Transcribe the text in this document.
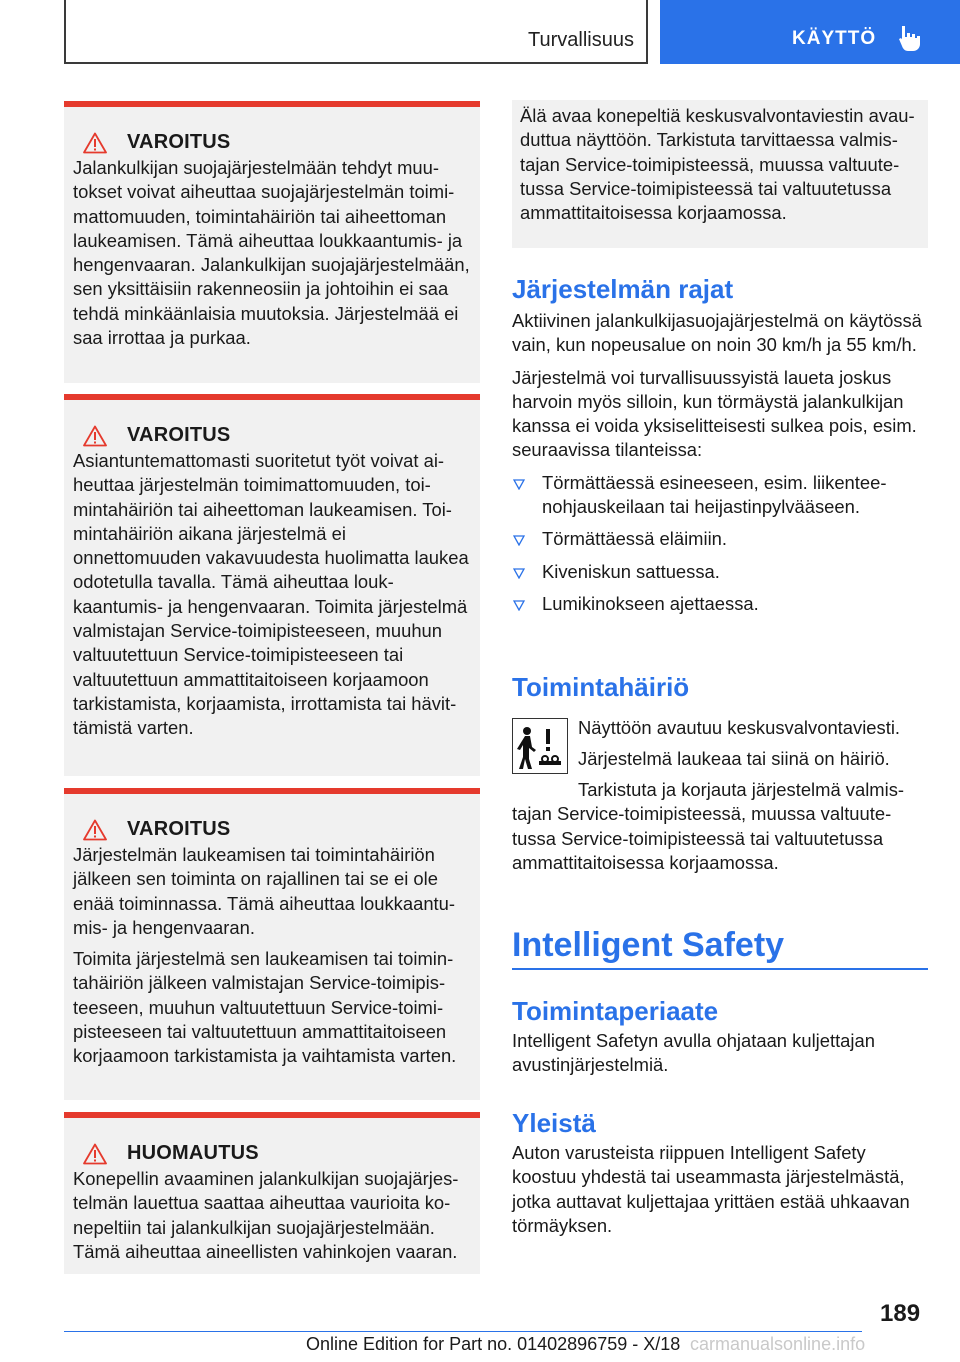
Turvallisuus	KÄYTTÖ
VAROITUS

Jalankulkijan suojajärjestelmään tehdyt muutokset voivat aiheuttaa suojajärjestelmän toimimattomuuden, toimintahäiriön tai aiheettoman laukeamisen. Tämä aiheuttaa loukkaantumis- ja hengenvaaran. Jalankulkijan suojajärjestelmään, sen yksittäisiin rakenneosiin ja johtoihin ei saa tehdä minkäänlaisia muutoksia. Järjestelmää ei saa irrottaa ja purkaa.

VAROITUS

Asiantuntemattomasti suoritetut työt voivat aiheuttaa järjestelmän toimimattomuuden, toimintahäiriön tai aiheettoman laukeamisen. Toimintahäiriön aikana järjestelmä ei onnettomuuden vakavuudesta huolimatta laukea odotetulla tavalla. Tämä aiheuttaa loukkaantumis- ja hengenvaaran. Toimita järjestelmä valmistajan Service-toimipisteeseen, muuhun valtuutettuun Service-toimipisteeseen tai valtuutettuun ammattitaitoiseen korjaamoon tarkistamista, korjaamista, irrottamista tai hävittämistä varten.

VAROITUS

Järjestelmän laukeamisen tai toimintahäiriön jälkeen sen toiminta on rajallinen tai se ei ole enää toiminnassa. Tämä aiheuttaa loukkaantumis- ja hengenvaaran.

Toimita järjestelmä sen laukeamisen tai toimintahäiriön jälkeen valmistajan Service-toimipisteeseen, muuhun valtuutettuun Service-toimipisteeseen tai valtuutettuun ammattitaitoiseen korjaamoon tarkistamista ja vaihtamista varten.

HUOMAUTUS

Konepellin avaaminen jalankulkijan suojajärjestelmän lauettua saattaa aiheuttaa vaurioita konepeltiin tai jalankulkijan suojajärjestelmään. Tämä aiheuttaa aineellisten vahinkojen vaaran.

Älä avaa konepeltiä keskusvalvontaviestin avauduttua näyttöön. Tarkistuta tarvittaessa valmistajan Service-toimipisteessä, muussa valtuutetussa Service-toimipisteessä tai valtuutetussa ammattitaitoisessa korjaamossa.

Järjestelmän rajat

Aktiivinen jalankulkijasuojajärjestelmä on käytössä vain, kun nopeusalue on noin 30 km/h ja 55 km/h.

Järjestelmä voi turvallisuussyistä laueta joskus harvoin myös silloin, kun törmäystä jalankulkijan kanssa ei voida yksiselitteisesti sulkea pois, esim. seuraavissa tilanteissa:

Törmättäessä esineeseen, esim. liikenteenohjauskeilaan tai heijastinpylvääseen.
Törmättäessä eläimiin.
Kiveniskun sattuessa.
Lumikinokseen ajettaessa.
Toimintahäiriö

Näyttöön avautuu keskusvalvontaviesti.

Järjestelmä laukeaa tai siinä on häiriö.

Tarkistuta ja korjauta järjestelmä valmistajan Service-toimipisteessä, muussa valtuutetussa Service-toimipisteessä tai valtuutetussa ammattitaitoisessa korjaamossa.

Intelligent Safety
Toimintaperiaate

Intelligent Safetyn avulla ohjataan kuljettajan avustinjärjestelmiä.

Yleistä

Auton varusteista riippuen Intelligent Safety koostuu yhdestä tai useammasta järjestelmästä, jotka auttavat kuljettajaa yrittäen estää uhkaavan törmäyksen.

189
Online Edition for Part no. 01402896759 - X/18 carmanualsonline.info
